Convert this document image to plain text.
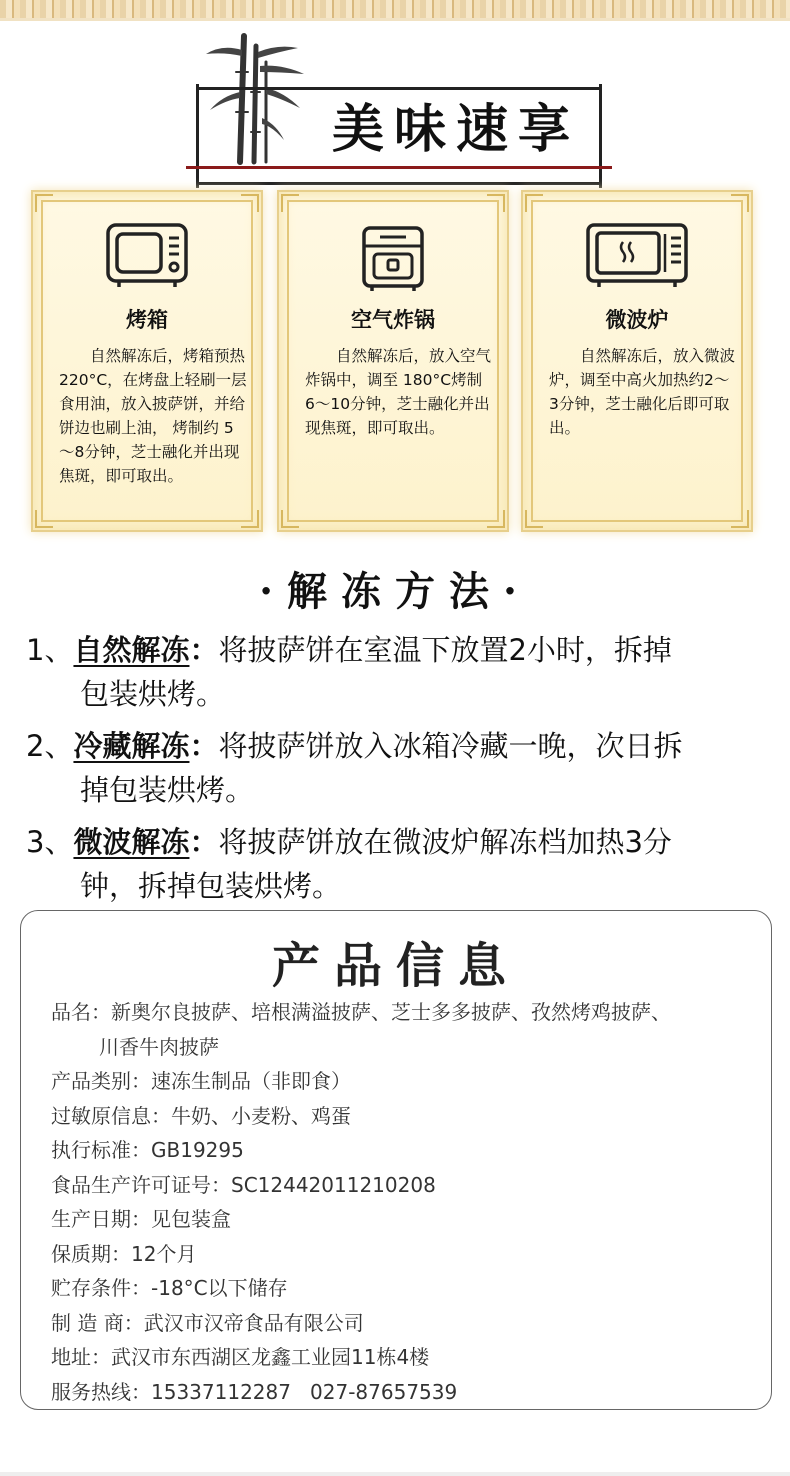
美味速享
烤箱
自然解冻后，烤箱预热 220°C，在烤盘上轻刷一层食用油，放入披萨饼，并给饼边也刷上油， 烤制约 5～8分钟，芝士融化并出现焦斑，即可取出。
空气炸锅
自然解冻后，放入空气炸锅中，调至 180°C烤制 6～10分钟，芝士融化并出现焦斑，即可取出。
微波炉
自然解冻后，放入微波炉，调至中高火加热约2～3分钟，芝士融化后即可取出。
·解冻方法·
1、自然解冻：将披萨饼在室温下放置2小时，拆掉
包装烘烤。
2、冷藏解冻：将披萨饼放入冰箱冷藏一晚，次日拆
掉包装烘烤。
3、微波解冻：将披萨饼放在微波炉解冻档加热3分
钟，拆掉包装烘烤。
产品信息
品名：新奥尔良披萨、培根满溢披萨、芝士多多披萨、孜然烤鸡披萨、
川香牛肉披萨
产品类别：速冻生制品（非即食）
过敏原信息：牛奶、小麦粉、鸡蛋
执行标准：GB19295
食品生产许可证号：SC12442011210208
生产日期：见包装盒
保质期：12个月
贮存条件：-18°C以下储存
制 造 商：武汉市汉帝食品有限公司
地址：武汉市东西湖区龙鑫工业园11栋4楼
服务热线：15337112287   027-87657539
